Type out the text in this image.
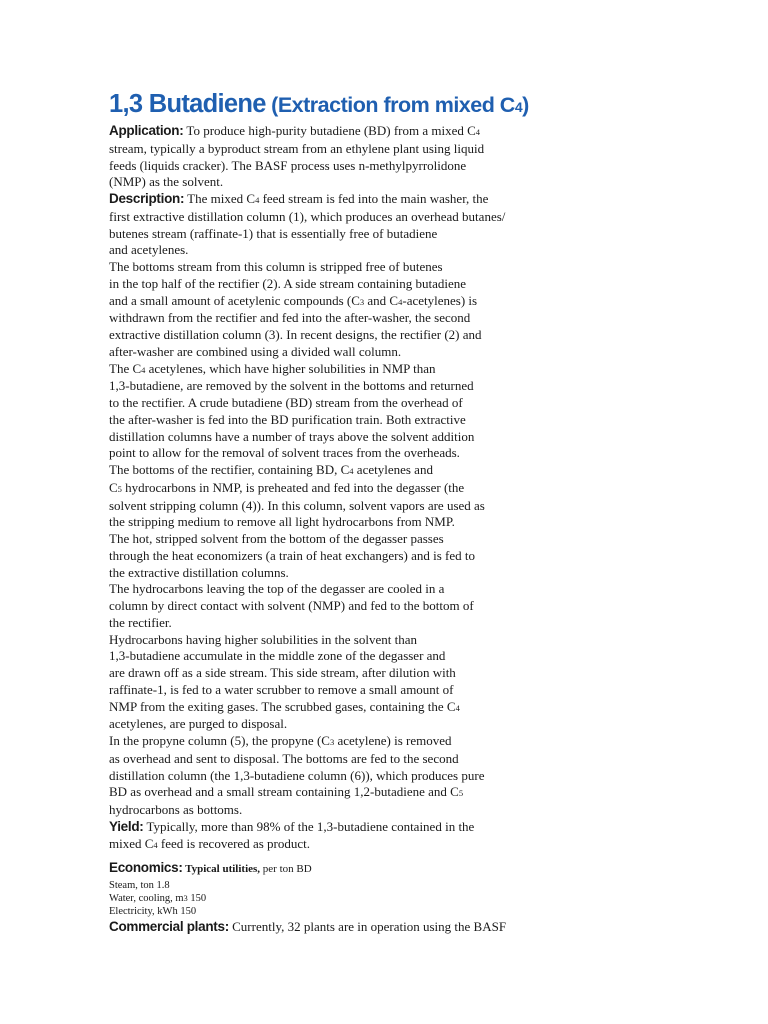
1,3 Butadiene (Extraction from mixed C4)
Application: To produce high-purity butadiene (BD) from a mixed C4
stream, typically a byproduct stream from an ethylene plant using liquid
feeds (liquids cracker). The BASF process uses n-methylpyrrolidone
(NMP) as the solvent.
Description: The mixed C4 feed stream is fed into the main washer, the
first extractive distillation column (1), which produces an overhead butanes/
butenes stream (raffinate-1) that is essentially free of butadiene
and acetylenes.
The bottoms stream from this column is stripped free of butenes
in the top half of the rectifier (2). A side stream containing butadiene
and a small amount of acetylenic compounds (C3 and C4-acetylenes) is
withdrawn from the rectifier and fed into the after-washer, the second
extractive distillation column (3). In recent designs, the rectifier (2) and
after-washer are combined using a divided wall column.
The C4 acetylenes, which have higher solubilities in NMP than
1,3-butadiene, are removed by the solvent in the bottoms and returned
to the rectifier. A crude butadiene (BD) stream from the overhead of
the after-washer is fed into the BD purification train. Both extractive
distillation columns have a number of trays above the solvent addition
point to allow for the removal of solvent traces from the overheads.
The bottoms of the rectifier, containing BD, C4 acetylenes and
C5 hydrocarbons in NMP, is preheated and fed into the degasser (the
solvent stripping column (4)). In this column, solvent vapors are used as
the stripping medium to remove all light hydrocarbons from NMP.
The hot, stripped solvent from the bottom of the degasser passes
through the heat economizers (a train of heat exchangers) and is fed to
the extractive distillation columns.
The hydrocarbons leaving the top of the degasser are cooled in a
column by direct contact with solvent (NMP) and fed to the bottom of
the rectifier.
Hydrocarbons having higher solubilities in the solvent than
1,3-butadiene accumulate in the middle zone of the degasser and
are drawn off as a side stream. This side stream, after dilution with
raffinate-1, is fed to a water scrubber to remove a small amount of
NMP from the exiting gases. The scrubbed gases, containing the C4
acetylenes, are purged to disposal.
In the propyne column (5), the propyne (C3 acetylene) is removed
as overhead and sent to disposal. The bottoms are fed to the second
distillation column (the 1,3-butadiene column (6)), which produces pure
BD as overhead and a small stream containing 1,2-butadiene and C5
hydrocarbons as bottoms.
Yield: Typically, more than 98% of the 1,3-butadiene contained in the
mixed C4 feed is recovered as product.
Economics: Typical utilities, per ton BD
Steam, ton 1.8
Water, cooling, m3 150
Electricity, kWh 150
Commercial plants: Currently, 32 plants are in operation using the BASF
